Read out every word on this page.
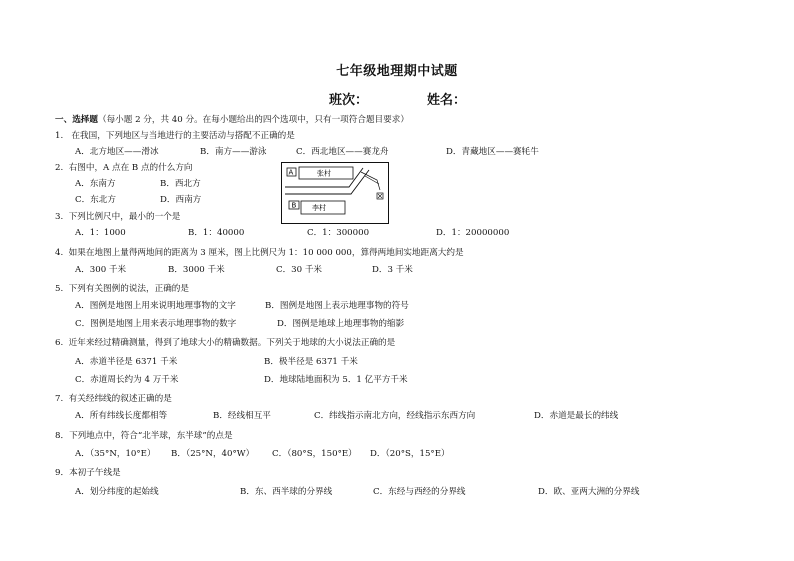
七年级地理期中试题
班次：	姓名：
一、选择题（每小题 2 分，共 40 分。在每小题给出的四个选项中，只有一项符合题目要求）
1. 在我国，下列地区与当地进行的主要活动与搭配不正确的是
A．北方地区——滑冰	B．南方——游泳	C．西北地区——赛龙舟	D．青藏地区——赛牦牛
2. 右图中，A 点在 B 点的什么方向
A．东南方	B．西北方
C．东北方	D．西南方
A	张村
B 李村
3. 下列比例尺中，最小的一个是
A．1：1000	B．1：40000	C．1：300000	D．1：20000000
4. 如果在地图上量得两地间的距离为 3 厘米，图上比例尺为 1：10 000 000，算得两地间实地距离大约是
A．300 千米	B．3000 千米	C．30 千米	D．3 千米
5. 下列有关图例的说法，正确的是
A．图例是地图上用来说明地理事物的文字	B．图例是地图上表示地理事物的符号
C．图例是地图上用来表示地理事物的数字	D．图例是地球上地理事物的缩影
6. 近年来经过精确测量，得到了地球大小的精确数据。下列关于地球的大小说法正确的是
A．赤道半径是 6371 千米	B．极半径是 6371 千米
C．赤道周长约为 4 万千米	D．地球陆地面积为 5．1 亿平方千米
7. 有关经纬线的叙述正确的是
A．所有纬线长度都相等	B．经线相互平	C．纬线指示南北方向，经线指示东西方向	D．赤道是最长的纬线
8．下列地点中，符合“北半球，东半球”的点是
A．（35°N，10°E） B．（25°N，40°W） C．（80°S，150°E） D．（20°S，15°E）
9．本初子午线是
A．划分纬度的起始线	B．东、西半球的分界线	C．东经与西经的分界线	D．欧、亚两大洲的分界线
